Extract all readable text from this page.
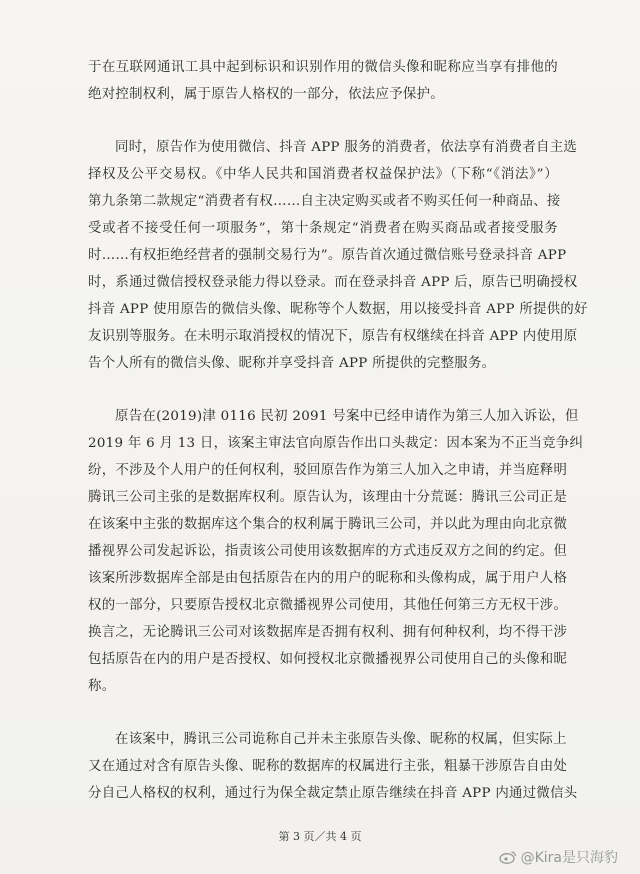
于在互联网通讯工具中起到标识和识别作用的微信头像和昵称应当享有排他的
绝对控制权利，属于原告人格权的一部分，依法应予保护。
同时，原告作为使用微信、抖音 APP 服务的消费者，依法享有消费者自主选
择权及公平交易权。《中华人民共和国消费者权益保护法》（下称“《消法》”）
第九条第二款规定“消费者有权……自主决定购买或者不购买任何一种商品、接
受或者不接受任何一项服务”，第十条规定“消费者在购买商品或者接受服务
时……有权拒绝经营者的强制交易行为”。原告首次通过微信账号登录抖音 APP
时，系通过微信授权登录能力得以登录。而在登录抖音 APP 后，原告已明确授权
抖音 APP 使用原告的微信头像、昵称等个人数据，用以接受抖音 APP 所提供的好
友识别等服务。在未明示取消授权的情况下，原告有权继续在抖音 APP 内使用原
告个人所有的微信头像、昵称并享受抖音 APP 所提供的完整服务。
原告在(2019)津 0116 民初 2091 号案中已经申请作为第三人加入诉讼，但
2019 年 6 月 13 日，该案主审法官向原告作出口头裁定：因本案为不正当竞争纠
纷，不涉及个人用户的任何权利，驳回原告作为第三人加入之申请，并当庭释明
腾讯三公司主张的是数据库权利。原告认为，该理由十分荒诞：腾讯三公司正是
在该案中主张的数据库这个集合的权利属于腾讯三公司，并以此为理由向北京微
播视界公司发起诉讼，指责该公司使用该数据库的方式违反双方之间的约定。但
该案所涉数据库全部是由包括原告在内的用户的昵称和头像构成，属于用户人格
权的一部分，只要原告授权北京微播视界公司使用，其他任何第三方无权干涉。
换言之，无论腾讯三公司对该数据库是否拥有权利、拥有何种权利，均不得干涉
包括原告在内的用户是否授权、如何授权北京微播视界公司使用自己的头像和昵
称。
在该案中，腾讯三公司诡称自己并未主张原告头像、昵称的权属，但实际上
又在通过对含有原告头像、昵称的数据库的权属进行主张，粗暴干涉原告自由处
分自己人格权的权利，通过行为保全裁定禁止原告继续在抖音 APP 内通过微信头
第 3 页／共 4 页
@Kira是只海豹
